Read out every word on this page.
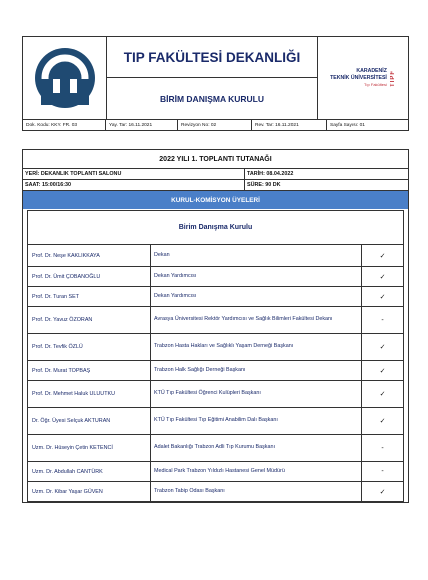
TIP FAKÜLTESİ DEKANLIĞI
BİRİM DANIŞMA KURULU
KARADENİZ
TEKNİK ÜNİVERSİTESİ
Tıp Fakültesi TIPF
Dok. Kodu: KKY. FR. 03	Yay. Tar: 16.11.2021	Revizyon No: 02	Rev. Tar: 16.11.2021	Sayfa Sayısı: 01
2022 YILI 1. TOPLANTI TUTANAĞI
YERİ: DEKANLIK TOPLANTI SALONU	TARİH: 08.04.2022
SAAT: 15:00/16:30	SÜRE: 90 DK
KURUL-KOMİSYON ÜYELERİ
Birim Danışma Kurulu
Prof. Dr. Neşe KAKLIKKAYA	Dekan	✓
Prof. Dr. Ümit ÇOBANOĞLU	Dekan Yardımcısı	✓
Prof. Dr. Turan SET	Dekan Yardımcısı	✓
Prof. Dr. Yavuz ÖZORAN	Avrasya Üniversitesi Rektör Yardımcısı ve Sağlık Bilimleri Fakültesi Dekanı	-
Prof. Dr. Tevfik ÖZLÜ	Trabzon Hasta Hakları ve Sağlıklı Yaşam Derneği Başkanı	✓
Prof. Dr. Murat TOPBAŞ	Trabzon Halk Sağlığı Derneği Başkanı	✓
Prof. Dr. Mehmet Haluk ULUUTKU	KTÜ Tıp Fakültesi Öğrenci Kulüpleri Başkanı	✓
Dr. Öğr. Üyesi Selçuk AKTURAN	KTÜ Tıp Fakültesi Tıp Eğitimi Anabilim Dalı Başkanı	✓
Uzm. Dr. Hüseyin Çetin KETENCİ	Adalet Bakanlığı Trabzon Adli Tıp Kurumu Başkanı	-
Uzm. Dr. Abdullah CANTÜRK	Medical Park Trabzon Yıldızlı Hastanesi Genel Müdürü	-
Uzm. Dr. Kibar Yaşar GÜVEN	Trabzon Tabip Odası Başkanı	✓
